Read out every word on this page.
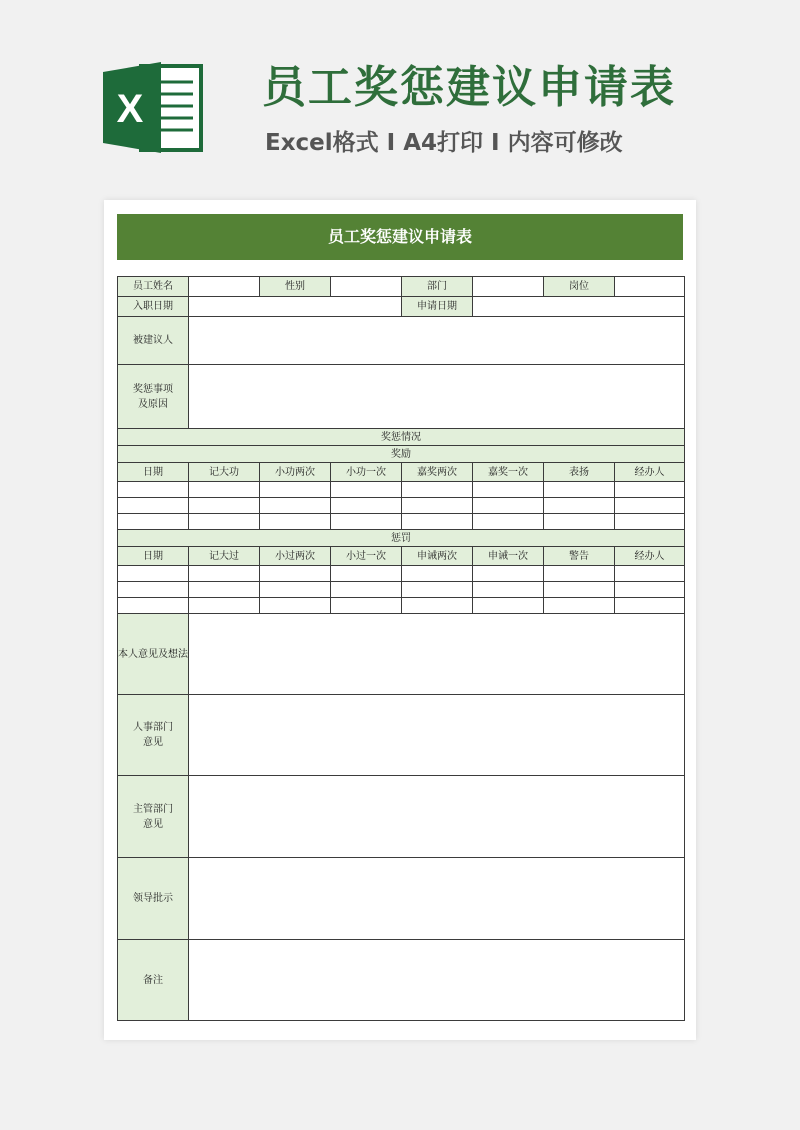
X	员工奖惩建议申请表
Excel格式 I A4打印 I 内容可修改
员工奖惩建议申请表
员工姓名		性别		部门		岗位	
入职日期				申请日期			
被建议人							
奖惩事项
及原因							
奖惩情况							
奖励							
日期	记大功	小功两次	小功一次	嘉奖两次	嘉奖一次	表扬	经办人

惩罚							
日期	记大过	小过两次	小过一次	申诫两次	申诫一次	警告	经办人

本人意见及想法							
人事部门
意见							
主管部门
意见							
领导批示							
备注							
